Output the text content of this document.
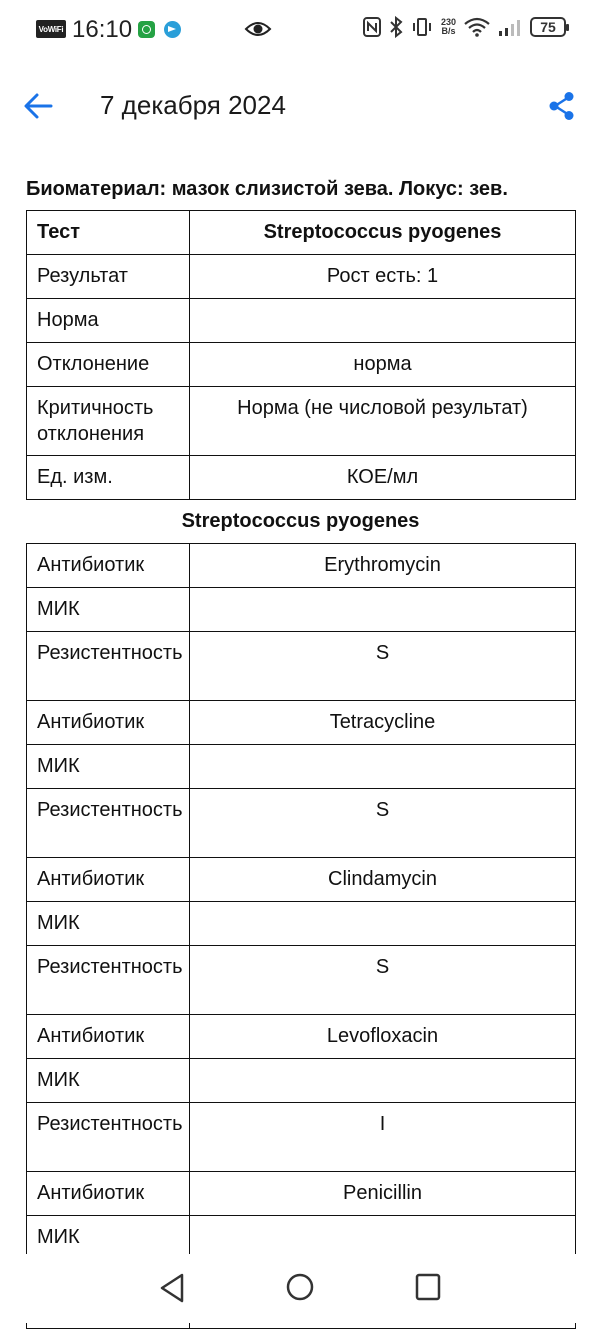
VoWiFi 16:10	230
B/s	75
7 декабря 2024
Биоматериал: мазок слизистой зева. Локус: зев.
Тест	Streptococcus pyogenes
Результат	Рост есть: 1
Норма	
Отклонение	норма
Критичность отклонения	Норма (не числовой результат)
Ед. изм.	КОЕ/мл
Streptococcus pyogenes
Антибиотик	Erythromycin
МИК	
Резистентность	S
Антибиотик	Tetracycline
МИК	
Резистентность	S
Антибиотик	Clindamycin
МИК	
Резистентность	S
Антибиотик	Levofloxacin
МИК	
Резистентность	I
Антибиотик	Penicillin
МИК	
